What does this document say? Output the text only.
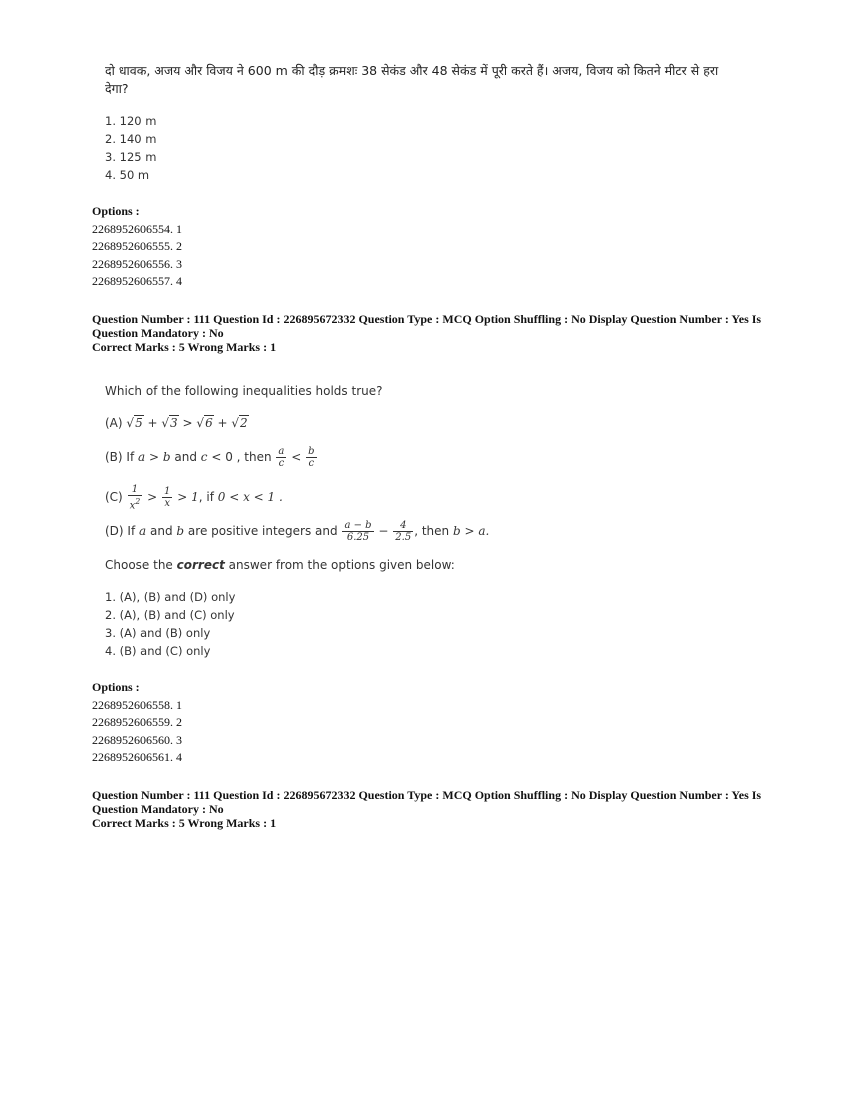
दो धावक, अजय और विजय ने 600 m की दौड़ क्रमशः 38 सेकंड और 48 सेकंड में पूरी करते हैं। अजय, विजय को कितने मीटर से हरा देगा?

1. 120 m
2. 140 m
3. 125 m
4. 50 m
Options :
2268952606554. 1
2268952606555. 2
2268952606556. 3
2268952606557. 4

Question Number : 111 Question Id : 226895672332 Question Type : MCQ Option Shuffling : No Display Question Number : Yes Is

Question Mandatory : No

Correct Marks : 5 Wrong Marks : 1

Which of the following inequalities holds true?
(A) √5 + √3 > √6 + √2
(B) If a > b and c < 0 , then $\frac{a}{c} < \frac{b}{c}$
$(C) \frac{1}{x^2} > \frac{1}{x} > 1$, if 0 < x < 1 .
(D) If a and b are positive integers and $\frac{a - b}{6.25} - \frac{4}{2.5}$ , then b > a.
Choose the correct answer from the options given below:
1. (A), (B) and (D) only
2. (A), (B) and (C) only
3. (A) and (B) only
4. (B) and (C) only
Options :
2268952606558. 1
2268952606559. 2
2268952606560. 3
2268952606561. 4

Question Number : 111 Question Id : 226895672332 Question Type : MCQ Option Shuffling : No Display Question Number : Yes Is

Question Mandatory : No

Correct Marks : 5 Wrong Marks : 1
